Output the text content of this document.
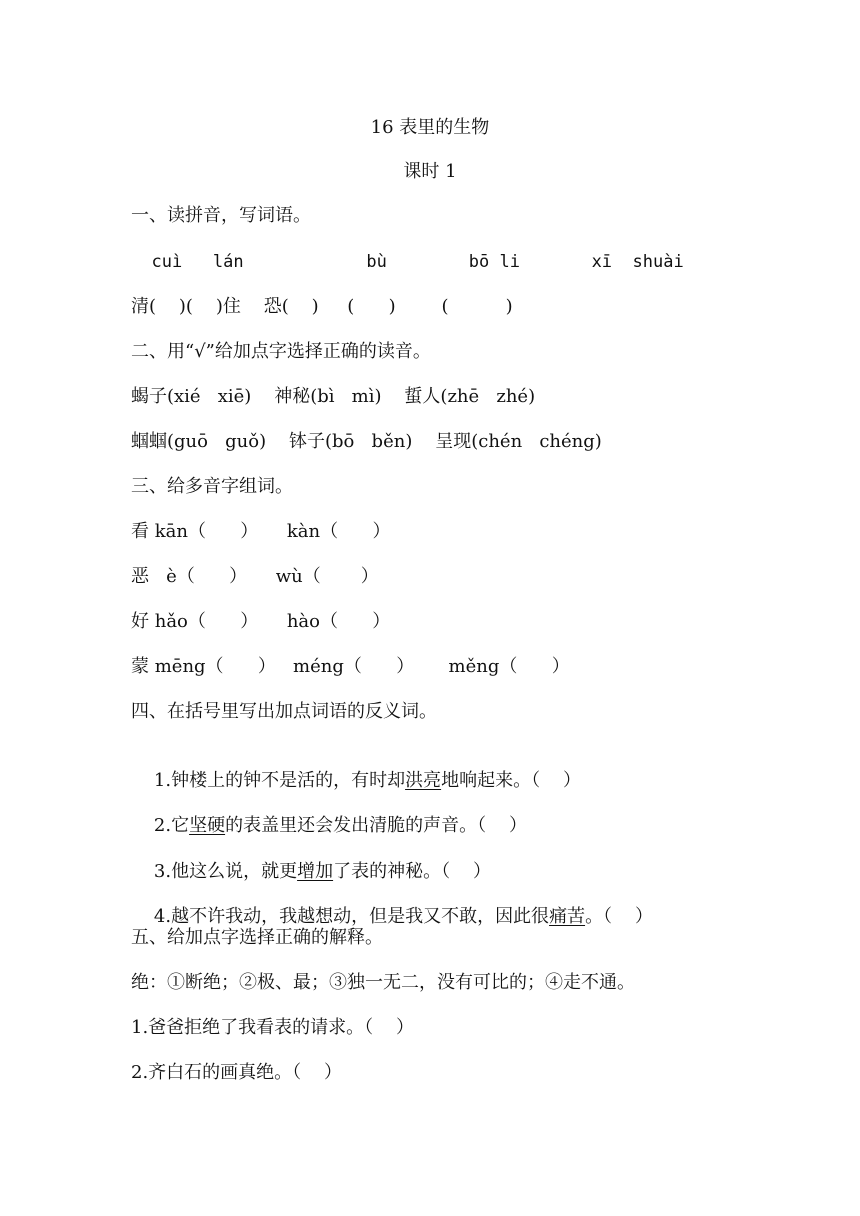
16 表里的生物
课时 1
一、读拼音，写词语。
cuì   lán            bù        bō li       xī  shuài
清(    )(    )住    恐(    )     (      )        (          )
二、用“√”给加点字选择正确的读音。
蝎子(xié   xiē)    神秘(bì   mì)    蜇人(zhē   zhé)
蝈蝈(guō   guǒ)    钵子(bō   běn)    呈现(chén   chéng)
三、给多音字组词。
看 kān（      ）     kàn（      ）
恶   è（      ）     wù（       ）
好 hǎo（      ）     hào（      ）
蒙 mēng（      ）   méng（      ）      měng（      ）
四、在括号里写出加点词语的反义词。

1.钟楼上的钟不是活的，有时却洪亮地响起来。（    ）

2.它坚硬的表盖里还会发出清脆的声音。（    ）

3.他这么说，就更增加了表的神秘。（    ）

4.越不许我动，我越想动，但是我又不敢，因此很痛苦。（    ）

五、给加点字选择正确的解释。
绝：①断绝；②极、最；③独一无二，没有可比的；④走不通。
1.爸爸拒绝了我看表的请求。（    ）
2.齐白石的画真绝。（    ）
